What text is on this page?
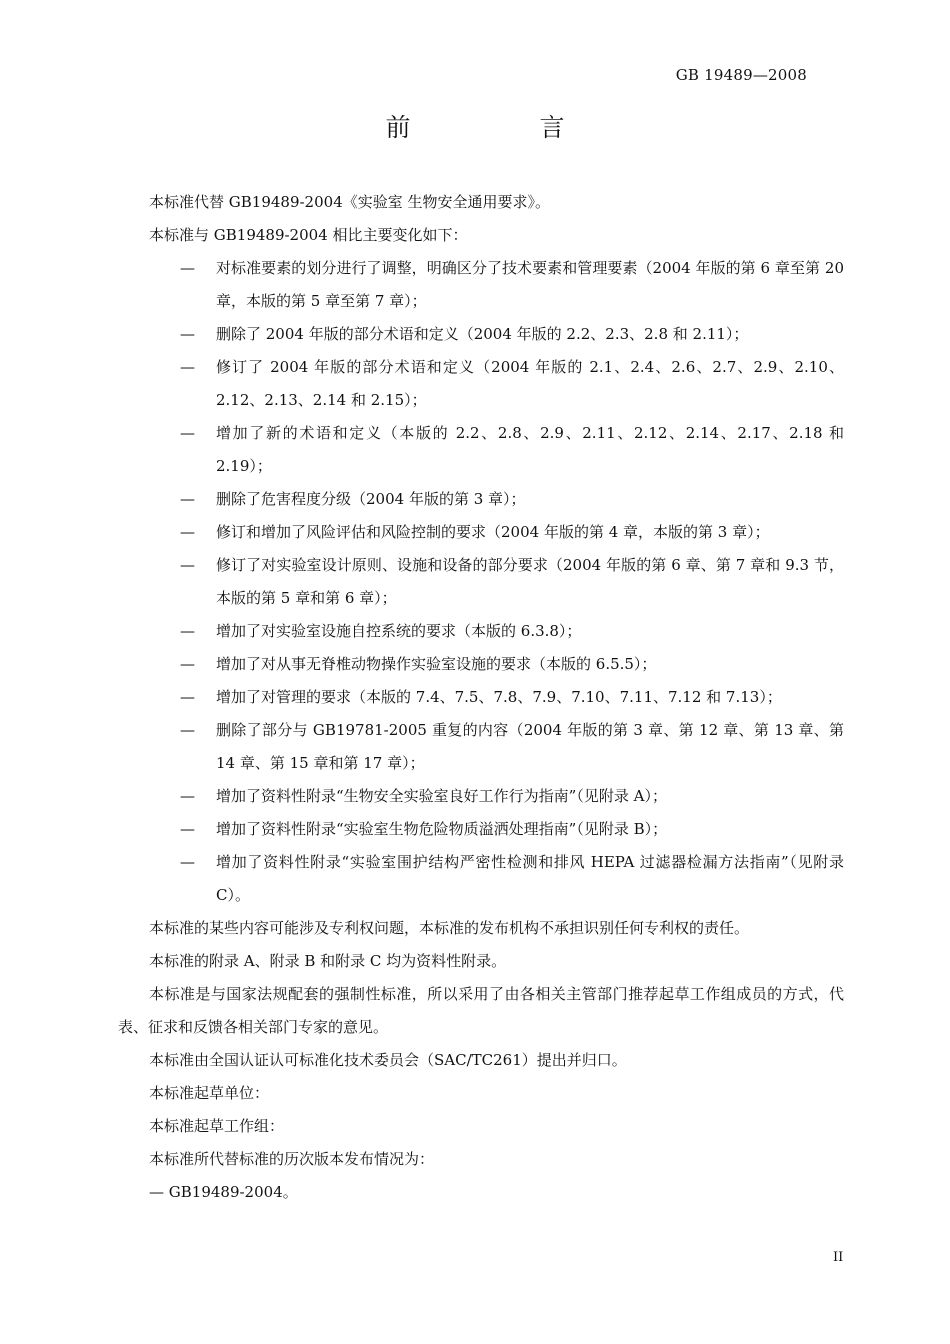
GB 19489—2008
前　言

本标准代替 GB19489-2004《实验室 生物安全通用要求》。

本标准与 GB19489-2004 相比主要变化如下：

— 对标准要素的划分进行了调整，明确区分了技术要素和管理要素（2004 年版的第 6 章至第 20 章，本版的第 5 章至第 7 章）；
— 删除了 2004 年版的部分术语和定义（2004 年版的 2.2、2.3、2.8 和 2.11）；
— 修订了 2004 年版的部分术语和定义（2004 年版的 2.1、2.4、2.6、2.7、2.9、2.10、2.12、2.13、2.14 和 2.15）；
— 增加了新的术语和定义（本版的 2.2、2.8、2.9、2.11、2.12、2.14、2.17、2.18 和 2.19）；
— 删除了危害程度分级（2004 年版的第 3 章）；
— 修订和增加了风险评估和风险控制的要求（2004 年版的第 4 章，本版的第 3 章）；
— 修订了对实验室设计原则、设施和设备的部分要求（2004 年版的第 6 章、第 7 章和 9.3 节，本版的第 5 章和第 6 章）；
— 增加了对实验室设施自控系统的要求（本版的 6.3.8）；
— 增加了对从事无脊椎动物操作实验室设施的要求（本版的 6.5.5）；
— 增加了对管理的要求（本版的 7.4、7.5、7.8、7.9、7.10、7.11、7.12 和 7.13）；
— 删除了部分与 GB19781-2005 重复的内容（2004 年版的第 3 章、第 12 章、第 13 章、第 14 章、第 15 章和第 17 章）；
— 增加了资料性附录“生物安全实验室良好工作行为指南”（见附录 A）；
— 增加了资料性附录“实验室生物危险物质溢洒处理指南”（见附录 B）；
— 增加了资料性附录“实验室围护结构严密性检测和排风 HEPA 过滤器检漏方法指南”（见附录 C）。

本标准的某些内容可能涉及专利权问题，本标准的发布机构不承担识别任何专利权的责任。

本标准的附录 A、附录 B 和附录 C 均为资料性附录。

本标准是与国家法规配套的强制性标准，所以采用了由各相关主管部门推荐起草工作组成员的方式，代表、征求和反馈各相关部门专家的意见。

本标准由全国认证认可标准化技术委员会（SAC/TC261）提出并归口。

本标准起草单位：

本标准起草工作组：

本标准所代替标准的历次版本发布情况为：

— GB19489-2004。

II
